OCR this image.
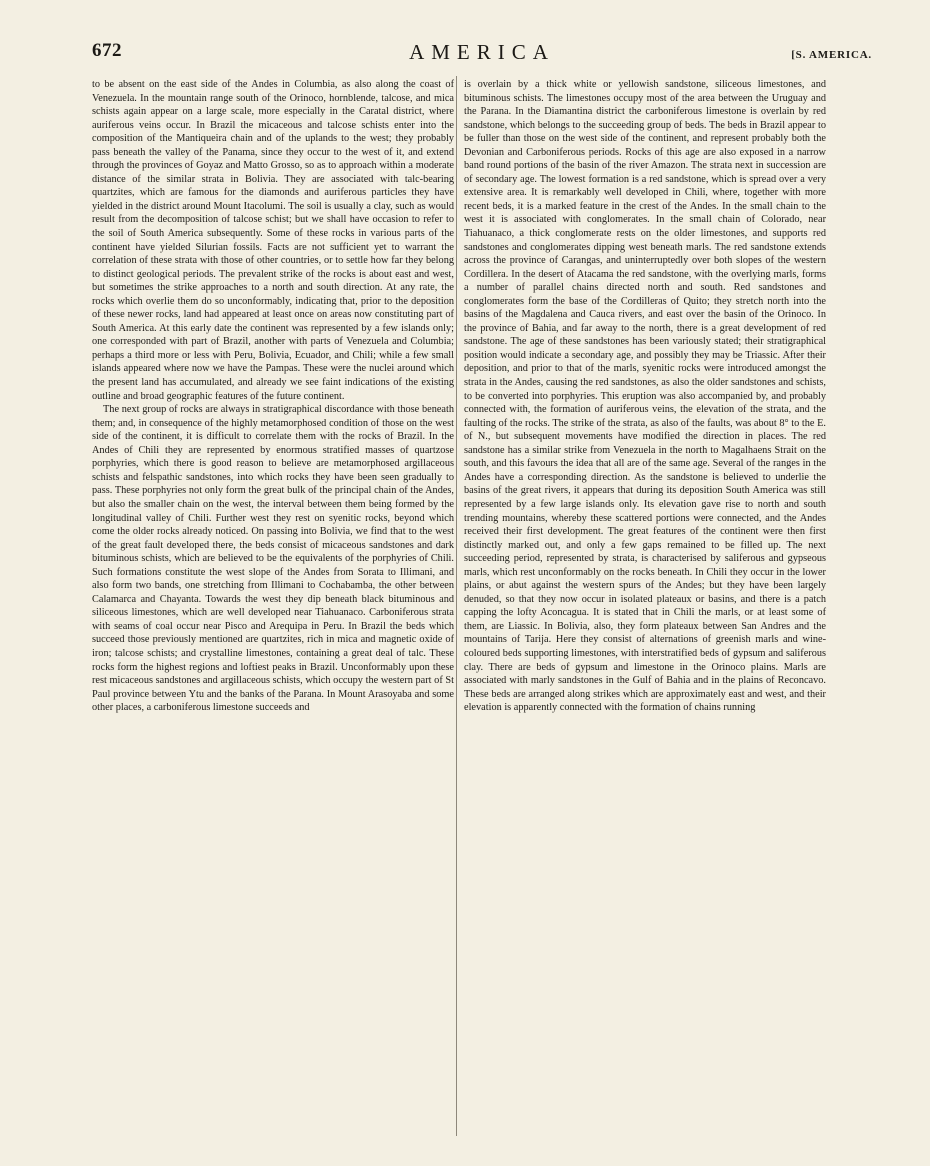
672	AMERICA	[S. AMERICA.

to be absent on the east side of the Andes in Columbia, as also along the coast of Venezuela. In the mountain range south of the Orinoco, hornblende, talcose, and mica schists again appear on a large scale, more especially in the Caratal district, where auriferous veins occur. In Brazil the micaceous and talcose schists enter into the composition of the Mantiqueira chain and of the uplands to the west; they probably pass beneath the valley of the Panama, since they occur to the west of it, and extend through the provinces of Goyaz and Matto Grosso, so as to approach within a moderate distance of the similar strata in Bolivia. They are associated with talc-bearing quartzites, which are famous for the diamonds and auriferous particles they have yielded in the district around Mount Itacolumi. The soil is usually a clay, such as would result from the decomposition of talcose schist; but we shall have occasion to refer to the soil of South America subsequently. Some of these rocks in various parts of the continent have yielded Silurian fossils. Facts are not sufficient yet to warrant the correlation of these strata with those of other countries, or to settle how far they belong to distinct geological periods. The prevalent strike of the rocks is about east and west, but sometimes the strike approaches to a north and south direction. At any rate, the rocks which overlie them do so unconformably, indicating that, prior to the deposition of these newer rocks, land had appeared at least once on areas now constituting part of South America. At this early date the continent was represented by a few islands only; one corresponded with part of Brazil, another with parts of Venezuela and Columbia; perhaps a third more or less with Peru, Bolivia, Ecuador, and Chili; while a few small islands appeared where now we have the Pampas. These were the nuclei around which the present land has accumulated, and already we see faint indications of the existing outline and broad geographic features of the future continent.

The next group of rocks are always in stratigraphical discordance with those beneath them; and, in consequence of the highly metamorphosed condition of those on the west side of the continent, it is difficult to correlate them with the rocks of Brazil. In the Andes of Chili they are represented by enormous stratified masses of quartzose porphyries, which there is good reason to believe are metamorphosed argillaceous schists and felspathic sandstones, into which rocks they have been seen gradually to pass. These porphyries not only form the great bulk of the principal chain of the Andes, but also the smaller chain on the west, the interval between them being formed by the longitudinal valley of Chili. Further west they rest on syenitic rocks, beyond which come the older rocks already noticed. On passing into Bolivia, we find that to the west of the great fault developed there, the beds consist of micaceous sandstones and dark bituminous schists, which are believed to be the equivalents of the porphyries of Chili. Such formations constitute the west slope of the Andes from Sorata to Illimani, and also form two bands, one stretching from Illimani to Cochabamba, the other between Calamarca and Chayanta. Towards the west they dip beneath black bituminous and siliceous limestones, which are well developed near Tiahuanaco. Carboniferous strata with seams of coal occur near Pisco and Arequipa in Peru. In Brazil the beds which succeed those previously mentioned are quartzites, rich in mica and magnetic oxide of iron; talcose schists; and crystalline limestones, containing a great deal of talc. These rocks form the highest regions and loftiest peaks in Brazil. Unconformably upon these rest micaceous sandstones and argillaceous schists, which occupy the western part of St Paul province between Ytu and the banks of the Parana. In Mount Arasoyaba and some other places, a carboniferous limestone succeeds and

is overlain by a thick white or yellowish sandstone, siliceous limestones, and bituminous schists. The limestones occupy most of the area between the Uruguay and the Parana. In the Diamantina district the carboniferous limestone is overlain by red sandstone, which belongs to the succeeding group of beds. The beds in Brazil appear to be fuller than those on the west side of the continent, and represent probably both the Devonian and Carboniferous periods. Rocks of this age are also exposed in a narrow band round portions of the basin of the river Amazon. The strata next in succession are of secondary age. The lowest formation is a red sandstone, which is spread over a very extensive area. It is remarkably well developed in Chili, where, together with more recent beds, it is a marked feature in the crest of the Andes. In the small chain to the west it is associated with conglomerates. In the small chain of Colorado, near Tiahuanaco, a thick conglomerate rests on the older limestones, and supports red sandstones and conglomerates dipping west beneath marls. The red sandstone extends across the province of Carangas, and uninterruptedly over both slopes of the western Cordillera. In the desert of Atacama the red sandstone, with the overlying marls, forms a number of parallel chains directed north and south. Red sandstones and conglomerates form the base of the Cordilleras of Quito; they stretch north into the basins of the Magdalena and Cauca rivers, and east over the basin of the Orinoco. In the province of Bahia, and far away to the north, there is a great development of red sandstone. The age of these sandstones has been variously stated; their stratigraphical position would indicate a secondary age, and possibly they may be Triassic. After their deposition, and prior to that of the marls, syenitic rocks were introduced amongst the strata in the Andes, causing the red sandstones, as also the older sandstones and schists, to be converted into porphyries. This eruption was also accompanied by, and probably connected with, the formation of auriferous veins, the elevation of the strata, and the faulting of the rocks. The strike of the strata, as also of the faults, was about 8° to the E. of N., but subsequent movements have modified the direction in places. The red sandstone has a similar strike from Venezuela in the north to Magalhaens Strait on the south, and this favours the idea that all are of the same age. Several of the ranges in the Andes have a corresponding direction. As the sandstone is believed to underlie the basins of the great rivers, it appears that during its deposition South America was still represented by a few large islands only. Its elevation gave rise to north and south trending mountains, whereby these scattered portions were connected, and the Andes received their first development. The great features of the continent were then first distinctly marked out, and only a few gaps remained to be filled up. The next succeeding period, represented by strata, is characterised by saliferous and gypseous marls, which rest unconformably on the rocks beneath. In Chili they occur in the lower plains, or abut against the western spurs of the Andes; but they have been largely denuded, so that they now occur in isolated plateaux or basins, and there is a patch capping the lofty Aconcagua. It is stated that in Chili the marls, or at least some of them, are Liassic. In Bolivia, also, they form plateaux between San Andres and the mountains of Tarija. Here they consist of alternations of greenish marls and wine-coloured beds supporting limestones, with interstratified beds of gypsum and saliferous clay. There are beds of gypsum and limestone in the Orinoco plains. Marls are associated with marly sandstones in the Gulf of Bahia and in the plains of Reconcavo. These beds are arranged along strikes which are approximately east and west, and their elevation is apparently connected with the formation of chains running
